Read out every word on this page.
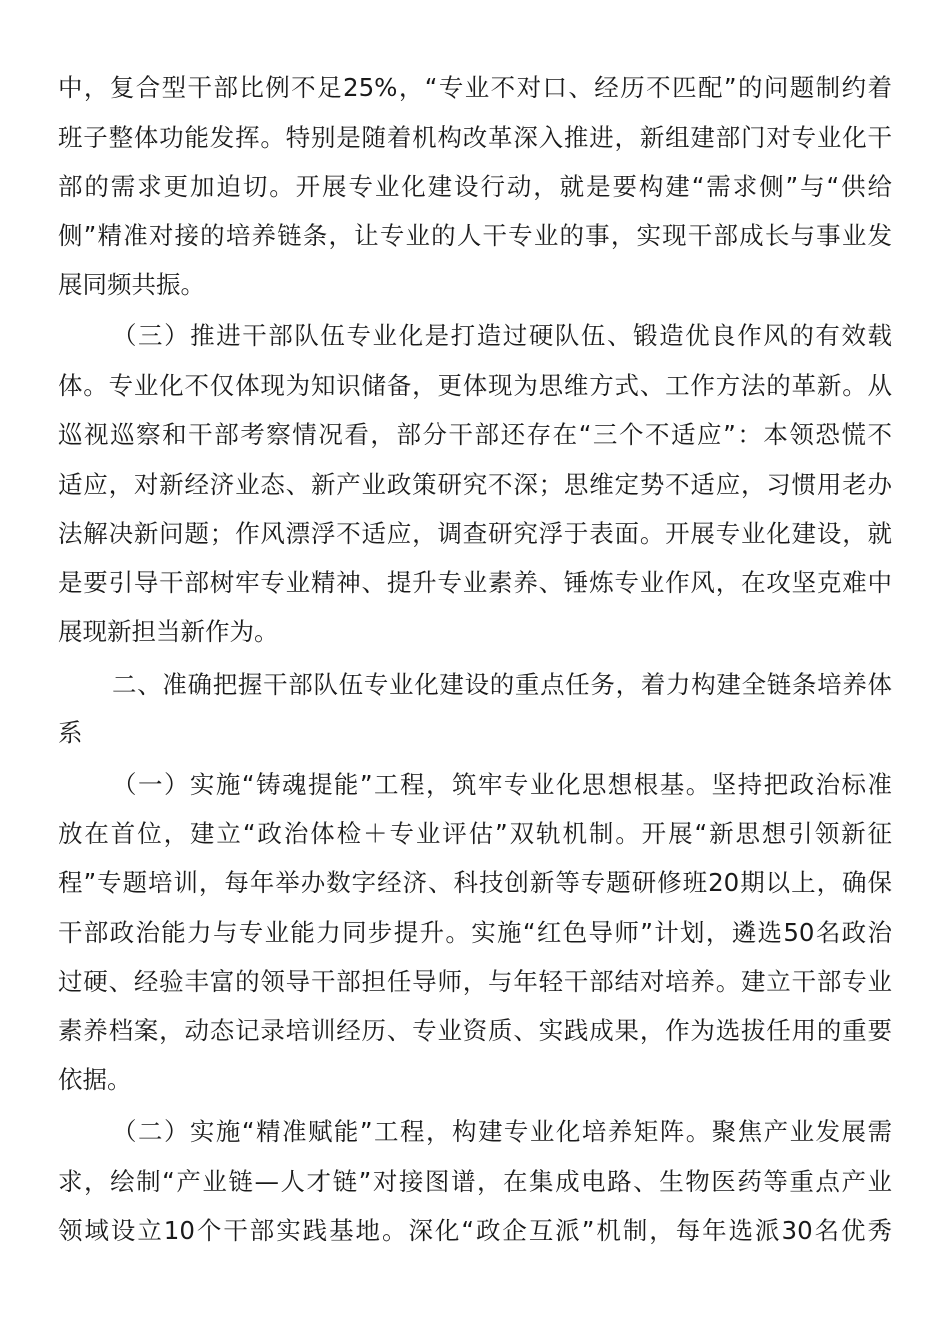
中，复合型干部比例不足25%，“专业不对口、经历不匹配”的问题制约着
班子整体功能发挥。特别是随着机构改革深入推进，新组建部门对专业化干
部的需求更加迫切。开展专业化建设行动，就是要构建“需求侧”与“供给
侧”精准对接的培养链条，让专业的人干专业的事，实现干部成长与事业发
展同频共振。
（三）推进干部队伍专业化是打造过硬队伍、锻造优良作风的有效载
体。专业化不仅体现为知识储备，更体现为思维方式、工作方法的革新。从
巡视巡察和干部考察情况看，部分干部还存在“三个不适应”：本领恐慌不
适应，对新经济业态、新产业政策研究不深；思维定势不适应，习惯用老办
法解决新问题；作风漂浮不适应，调查研究浮于表面。开展专业化建设，就
是要引导干部树牢专业精神、提升专业素养、锤炼专业作风，在攻坚克难中
展现新担当新作为。
二、准确把握干部队伍专业化建设的重点任务，着力构建全链条培养体
系
（一）实施“铸魂提能”工程，筑牢专业化思想根基。坚持把政治标准
放在首位，建立“政治体检＋专业评估”双轨机制。开展“新思想引领新征
程”专题培训，每年举办数字经济、科技创新等专题研修班20期以上，确保
干部政治能力与专业能力同步提升。实施“红色导师”计划，遴选50名政治
过硬、经验丰富的领导干部担任导师，与年轻干部结对培养。建立干部专业
素养档案，动态记录培训经历、专业资质、实践成果，作为选拔任用的重要
依据。
（二）实施“精准赋能”工程，构建专业化培养矩阵。聚焦产业发展需
求，绘制“产业链—人才链”对接图谱，在集成电路、生物医药等重点产业
领域设立10个干部实践基地。深化“政企互派”机制，每年选派30名优秀
